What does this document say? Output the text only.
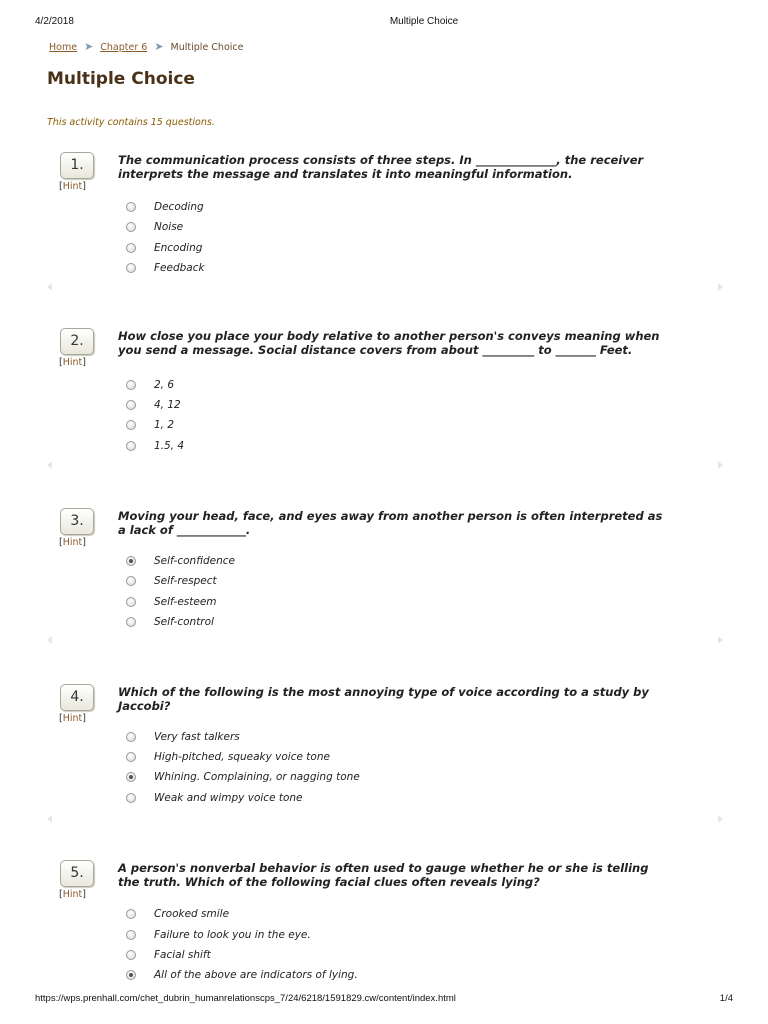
4/2/2018	Multiple Choice
Home ➤ Chapter 6 ➤ Multiple Choice
Multiple Choice
This activity contains 15 questions.
1.
[Hint]
The communication process consists of three steps. In ______________, the receiver interprets the message and translates it into meaningful information.
Decoding
Noise
Encoding
Feedback
2.
[Hint]
How close you place your body relative to another person's conveys meaning when you send a message. Social distance covers from about _________ to _______ Feet.
2, 6
4, 12
1, 2
1.5, 4
3.
[Hint]
Moving your head, face, and eyes away from another person is often interpreted as a lack of ____________.
Self-confidence
Self-respect
Self-esteem
Self-control
4.
[Hint]
Which of the following is the most annoying type of voice according to a study by Jaccobi?
Very fast talkers
High-pitched, squeaky voice tone
Whining. Complaining, or nagging tone
Weak and wimpy voice tone
5.
[Hint]
A person's nonverbal behavior is often used to gauge whether he or she is telling the truth. Which of the following facial clues often reveals lying?
Crooked smile
Failure to look you in the eye.
Facial shift
All of the above are indicators of lying.
https://wps.prenhall.com/chet_dubrin_humanrelationscps_7/24/6218/1591829.cw/content/index.html	1/4
